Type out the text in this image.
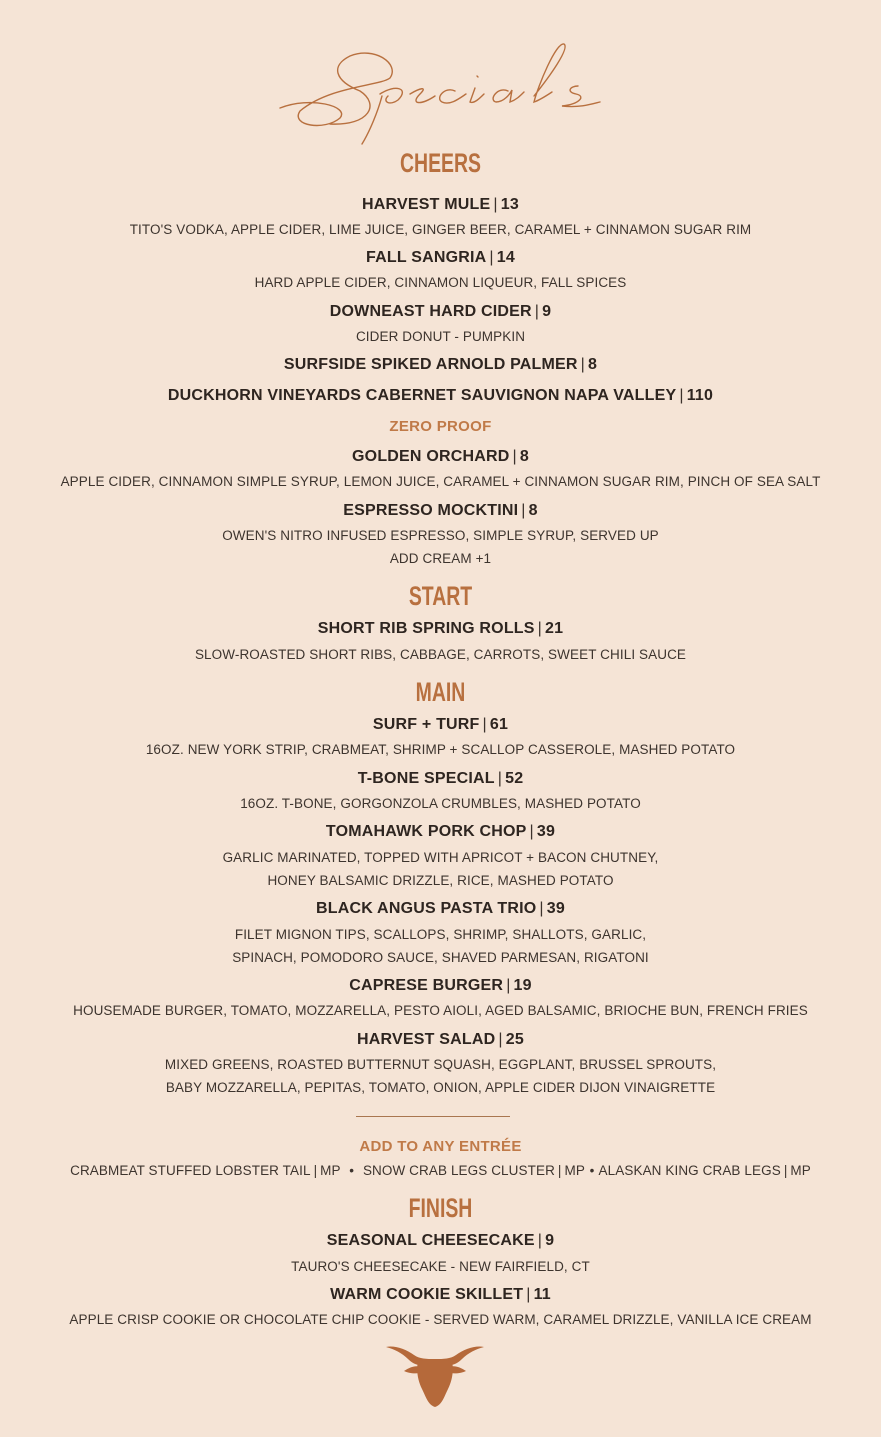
CHEERS
HARVEST MULE | 13
TITO'S VODKA, APPLE CIDER, LIME JUICE, GINGER BEER, CARAMEL + CINNAMON SUGAR RIM
FALL SANGRIA | 14
HARD APPLE CIDER, CINNAMON LIQUEUR, FALL SPICES
DOWNEAST HARD CIDER | 9
CIDER DONUT - PUMPKIN
SURFSIDE SPIKED ARNOLD PALMER | 8
DUCKHORN VINEYARDS CABERNET SAUVIGNON NAPA VALLEY | 110
ZERO PROOF
GOLDEN ORCHARD | 8
APPLE CIDER, CINNAMON SIMPLE SYRUP, LEMON JUICE, CARAMEL + CINNAMON SUGAR RIM, PINCH OF SEA SALT
ESPRESSO MOCKTINI | 8
OWEN'S NITRO INFUSED ESPRESSO, SIMPLE SYRUP, SERVED UP
ADD CREAM +1
START
SHORT RIB SPRING ROLLS | 21
SLOW-ROASTED SHORT RIBS, CABBAGE, CARROTS, SWEET CHILI SAUCE
MAIN
SURF + TURF | 61
16OZ. NEW YORK STRIP, CRABMEAT, SHRIMP + SCALLOP CASSEROLE, MASHED POTATO
T-BONE SPECIAL | 52
16OZ. T-BONE, GORGONZOLA CRUMBLES, MASHED POTATO
TOMAHAWK PORK CHOP | 39
GARLIC MARINATED, TOPPED WITH APRICOT + BACON CHUTNEY,
HONEY BALSAMIC DRIZZLE, RICE, MASHED POTATO
BLACK ANGUS PASTA TRIO | 39
FILET MIGNON TIPS, SCALLOPS, SHRIMP, SHALLOTS, GARLIC,
SPINACH, POMODORO SAUCE, SHAVED PARMESAN, RIGATONI
CAPRESE BURGER | 19
HOUSEMADE BURGER, TOMATO, MOZZARELLA, PESTO AIOLI, AGED BALSAMIC, BRIOCHE BUN, FRENCH FRIES
HARVEST SALAD | 25
MIXED GREENS, ROASTED BUTTERNUT SQUASH, EGGPLANT, BRUSSEL SPROUTS,
BABY MOZZARELLA, PEPITAS, TOMATO, ONION, APPLE CIDER DIJON VINAIGRETTE
ADD TO ANY ENTRÉE
CRABMEAT STUFFED LOBSTER TAIL | MP • SNOW CRAB LEGS CLUSTER | MP • ALASKAN KING CRAB LEGS | MP
FINISH
SEASONAL CHEESECAKE | 9
TAURO'S CHEESECAKE - NEW FAIRFIELD, CT
WARM COOKIE SKILLET | 11
APPLE CRISP COOKIE OR CHOCOLATE CHIP COOKIE - SERVED WARM, CARAMEL DRIZZLE, VANILLA ICE CREAM
